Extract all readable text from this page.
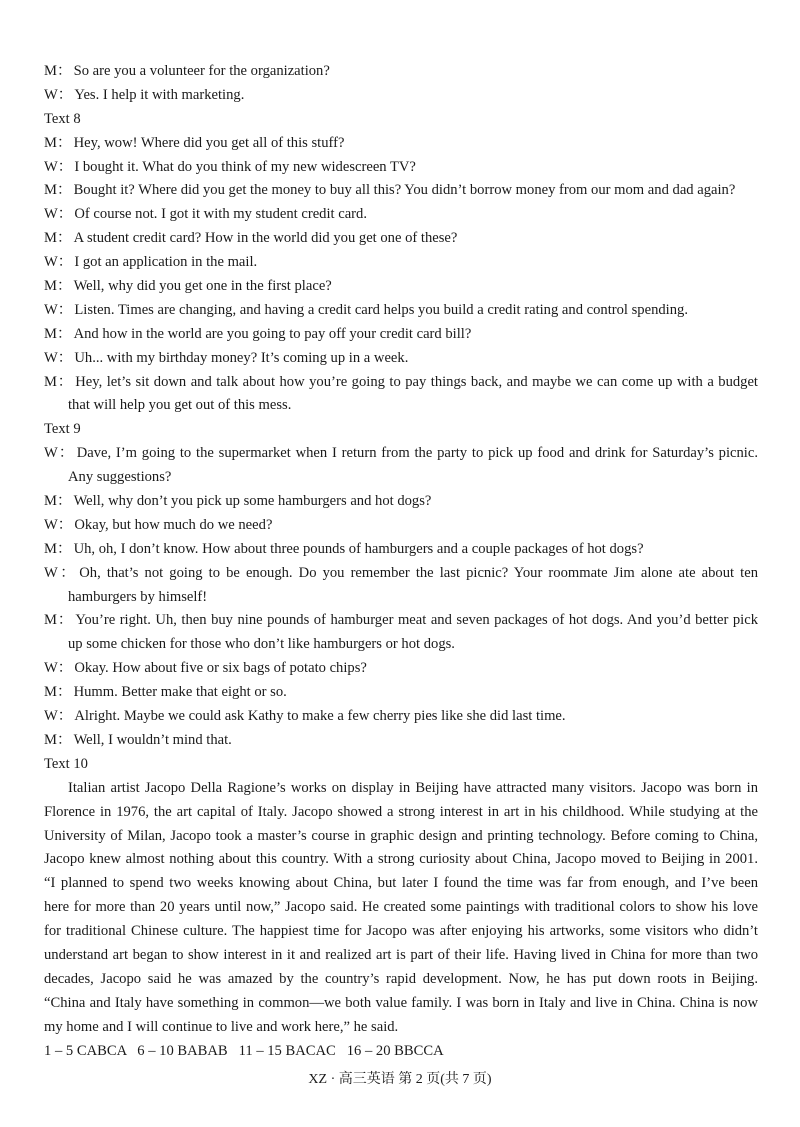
M： So are you a volunteer for the organization?
W： Yes. I help it with marketing.
Text 8
M： Hey, wow! Where did you get all of this stuff?
W： I bought it. What do you think of my new widescreen TV?
M： Bought it? Where did you get the money to buy all this? You didn’t borrow money from our mom and dad again?
W： Of course not. I got it with my student credit card.
M： A student credit card? How in the world did you get one of these?
W： I got an application in the mail.
M： Well, why did you get one in the first place?
W： Listen. Times are changing, and having a credit card helps you build a credit rating and control spending.
M： And how in the world are you going to pay off your credit card bill?
W： Uh... with my birthday money? It’s coming up in a week.
M： Hey, let’s sit down and talk about how you’re going to pay things back, and maybe we can come up with a budget
that will help you get out of this mess.
Text 9
W： Dave, I’m going to the supermarket when I return from the party to pick up food and drink for Saturday’s picnic.
Any suggestions?
M： Well, why don’t you pick up some hamburgers and hot dogs?
W： Okay, but how much do we need?
M： Uh, oh, I don’t know. How about three pounds of hamburgers and a couple packages of hot dogs?
W： Oh, that’s not going to be enough. Do you remember the last picnic? Your roommate Jim alone ate about ten
hamburgers by himself!
M： You’re right. Uh, then buy nine pounds of hamburger meat and seven packages of hot dogs. And you’d better pick
up some chicken for those who don’t like hamburgers or hot dogs.
W： Okay. How about five or six bags of potato chips?
M： Humm. Better make that eight or so.
W： Alright. Maybe we could ask Kathy to make a few cherry pies like she did last time.
M： Well, I wouldn’t mind that.
Text 10
Italian artist Jacopo Della Ragione’s works on display in Beijing have attracted many visitors. Jacopo was born in
Florence in 1976, the art capital of Italy. Jacopo showed a strong interest in art in his childhood. While studying at the
University of Milan, Jacopo took a master’s course in graphic design and printing technology. Before coming to China,
Jacopo knew almost nothing about this country. With a strong curiosity about China, Jacopo moved to Beijing in 2001.
“I planned to spend two weeks knowing about China, but later I found the time was far from enough, and I’ve been
here for more than 20 years until now,” Jacopo said. He created some paintings with traditional colors to show his love
for traditional Chinese culture. The happiest time for Jacopo was after enjoying his artworks, some visitors who didn’t
understand art began to show interest in it and realized art is part of their life. Having lived in China for more than two
decades, Jacopo said he was amazed by the country’s rapid development. Now, he has put down roots in Beijing.
“China and Italy have something in common—we both value family. I was born in Italy and live in China. China is now
my home and I will continue to live and work here,” he said.
1 – 5 CABCA   6 – 10 BABAB   11 – 15 BACAC   16 – 20 BBCCA
XZ · 高三英语 第 2 页(共 7 页)
